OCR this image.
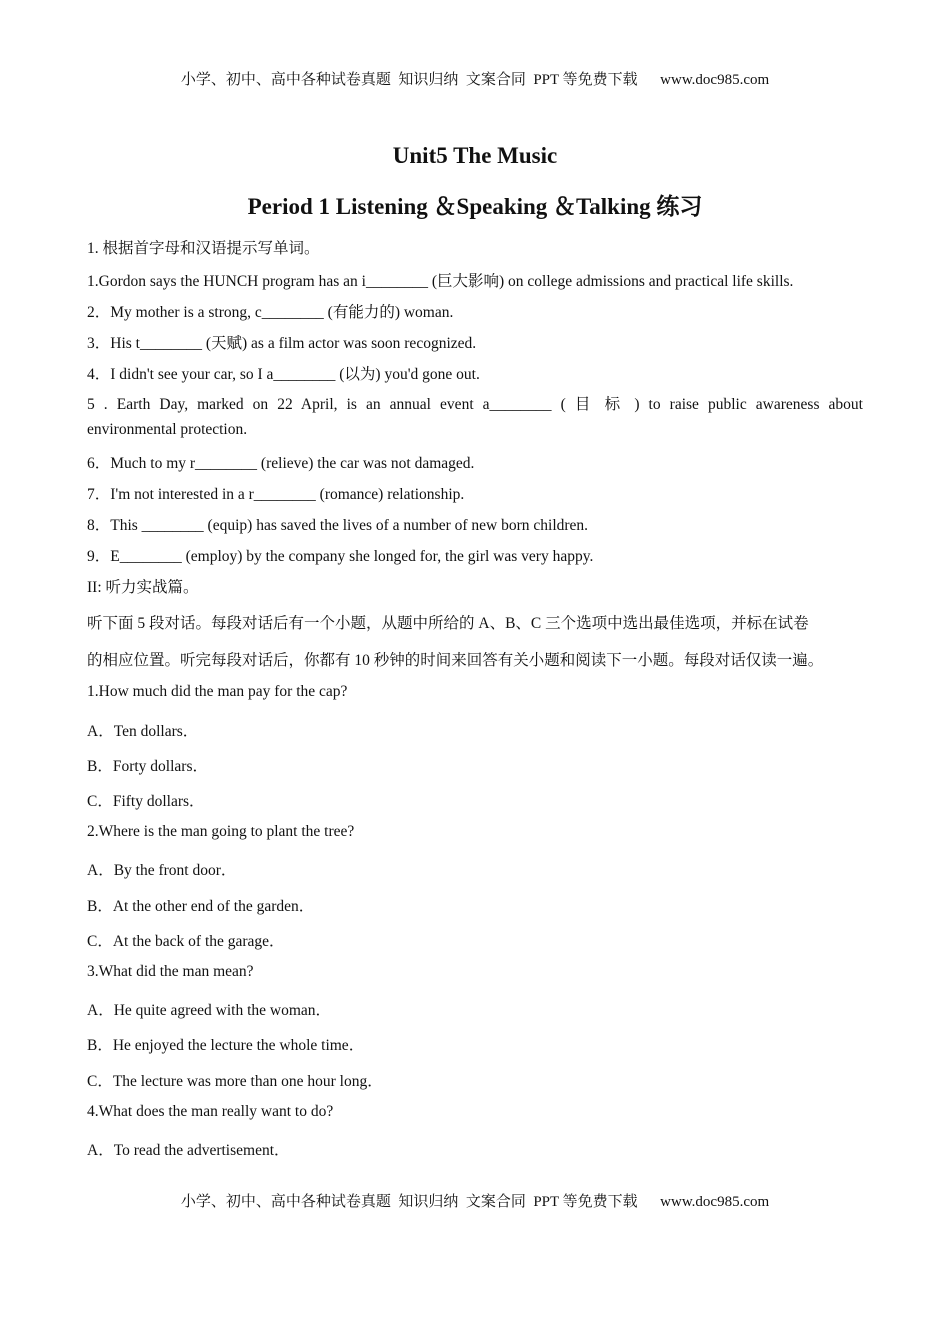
小学、初中、高中各种试卷真题  知识归纳  文案合同  PPT 等免费下载      www.doc985.com
Unit5 The Music
Period 1 Listening ＆Speaking ＆Talking 练习
1. 根据首字母和汉语提示写单词。
1.Gordon says the HUNCH program has an i________ (巨大影响) on college admissions and practical life skills.
2．My mother is a strong, c________ (有能力的) woman.
3．His t________ (天赋) as a film actor was soon recognized.
4．I didn't see your car, so I a________ (以为) you'd gone out.
5 . Earth Day, marked on 22 April, is an annual event a________ ( 目 标 ) to raise public awareness about
environmental protection.
6．Much to my r________ (relieve) the car was not damaged.
7．I'm not interested in a r________ (romance) relationship.
8．This ________ (equip) has saved the lives of a number of new born children.
9．E________ (employ) by the company she longed for, the girl was very happy.
II: 听力实战篇。
听下面 5 段对话。每段对话后有一个小题，从题中所给的 A、B、C 三个选项中选出最佳选项，并标在试卷
的相应位置。听完每段对话后，你都有 10 秒钟的时间来回答有关小题和阅读下一小题。每段对话仅读一遍。
1.How much did the man pay for the cap?
A．Ten dollars．
B．Forty dollars．
C．Fifty dollars．
2.Where is the man going to plant the tree?
A．By the front door．
B．At the other end of the garden．
C．At the back of the garage．
3.What did the man mean?
A．He quite agreed with the woman．
B．He enjoyed the lecture the whole time．
C．The lecture was more than one hour long．
4.What does the man really want to do?
A．To read the advertisement．
小学、初中、高中各种试卷真题  知识归纳  文案合同  PPT 等免费下载      www.doc985.com
